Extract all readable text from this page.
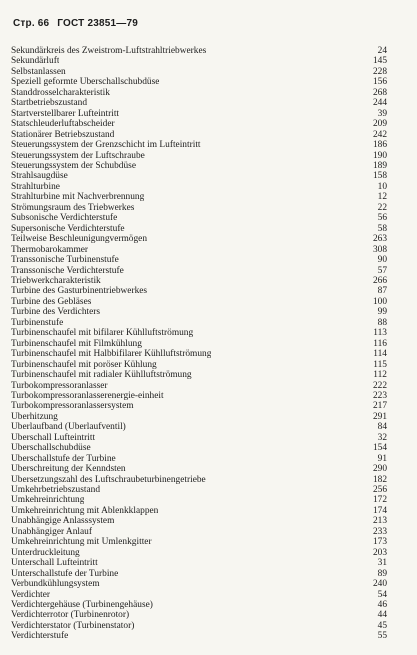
Стр. 66 ГОСТ 23851—79
Sekundärkreis des Zweistrom-Luftstrahltriebwerkes	24
Sekundärluft	145
Selbstanlassen	228
Speziell geformte Überschallschubdüse	156
Standdrosselcharakteristik	268
Startbetriebszustand	244
Startverstellbarer Lufteintritt	39
Statschleuderluftabscheider	209
Stationärer Betriebszustand	242
Steuerungssystem der Grenzschicht im Lufteintritt	186
Steuerungssystem der Luftschraube	190
Steuerungssystem der Schubdüse	189
Strahlsaugdüse	158
Strahlturbine	10
Strahlturbine mit Nachverbrennung	12
Strömungsraum des Triebwerkes	22
Subsonische Verdichterstufe	56
Supersonische Verdichterstufe	58
Teilweise Beschleunigungvermögen	263
Thermobarokammer	308
Transsonische Turbinenstufe	90
Transsonische Verdichterstufe	57
Triebwerkcharakteristik	266
Turbine des Gasturbinentriebwerkes	87
Turbine des Gebläses	100
Turbine des Verdichters	99
Turbinenstufe	88
Turbinenschaufel mit bifilarer Kühlluftströmung	113
Turbinenschaufel mit Filmkühlung	116
Turbinenschaufel mit Halbbifilarer Kühlluftströmung	114
Turbinenschaufel mit poröser Kühlung	115
Turbinenschaufel mit radialer Kühlluftströmung	112
Turbokompressoranlasser	222
Turbokompressoranlasserenergie-einheit	223
Turbokompressoranlassersystem	217
Überhitzung	291
Überlaufband (Überlaufventil)	84
Überschall Lufteintritt	32
Überschallschubdüse	154
Überschallstufe der Turbine	91
Überschreitung der Kenndsten	290
Übersetzungszahl des Luftschraubeturbinengetriebe	182
Umkehrbetriebszustand	256
Umkehreinrichtung	172
Umkehreinrichtung mit Ablenkklappen	174
Unabhängige Anlasssystem	213
Unabhängiger Anlauf	233
Umkehreinrichtung mit Umlenkgitter	173
Unterdruckleitung	203
Unterschall Lufteintritt	31
Unterschallstufe der Turbine	89
Verbundkühlungsystem	240
Verdichter	54
Verdichtergehäuse (Turbinengehäuse)	46
Verdichterrotor (Turbinenrotor)	44
Verdichterstator (Turbinenstator)	45
Verdichterstufe	55
